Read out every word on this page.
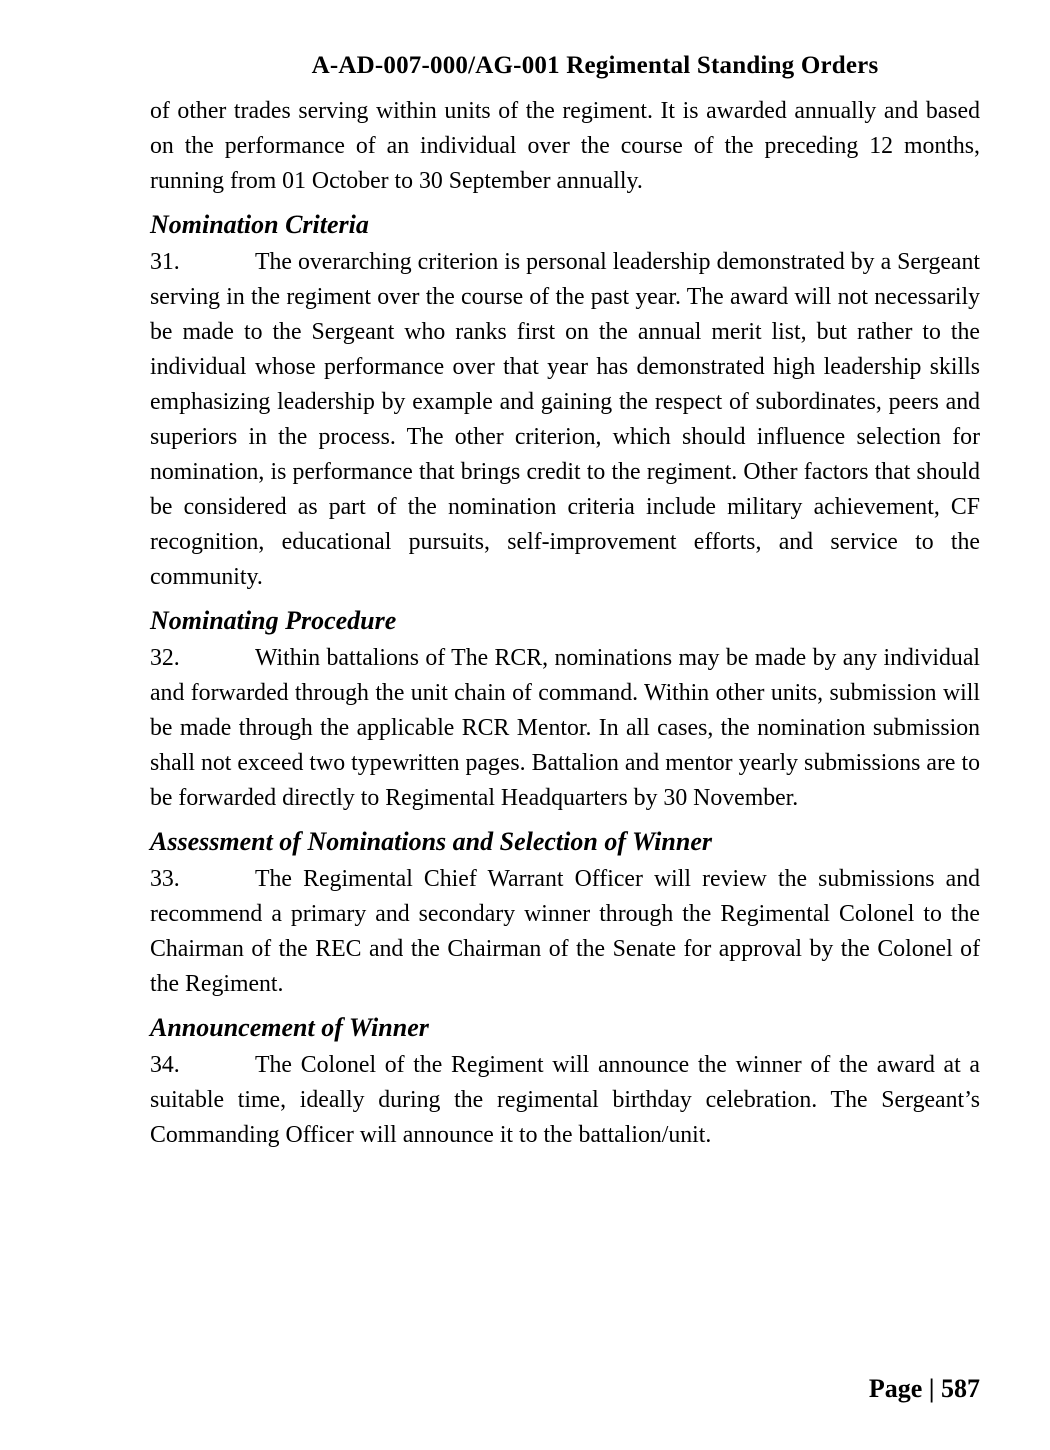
A-AD-007-000/AG-001 Regimental Standing Orders

of other trades serving within units of the regiment. It is awarded annually and based on the performance of an individual over the course of the preceding 12 months, running from 01 October to 30 September annually.

Nomination Criteria

31.	The overarching criterion is personal leadership demonstrated by a Sergeant serving in the regiment over the course of the past year. The award will not necessarily be made to the Sergeant who ranks first on the annual merit list, but rather to the individual whose performance over that year has demonstrated high leadership skills emphasizing leadership by example and gaining the respect of subordinates, peers and superiors in the process. The other criterion, which should influence selection for nomination, is performance that brings credit to the regiment. Other factors that should be considered as part of the nomination criteria include military achievement, CF recognition, educational pursuits, self-improvement efforts, and service to the community.

Nominating Procedure

32.	Within battalions of The RCR, nominations may be made by any individual and forwarded through the unit chain of command. Within other units, submission will be made through the applicable RCR Mentor. In all cases, the nomination submission shall not exceed two typewritten pages. Battalion and mentor yearly submissions are to be forwarded directly to Regimental Headquarters by 30 November.

Assessment of Nominations and Selection of Winner

33.	The Regimental Chief Warrant Officer will review the submissions and recommend a primary and secondary winner through the Regimental Colonel to the Chairman of the REC and the Chairman of the Senate for approval by the Colonel of the Regiment.

Announcement of Winner

34.	The Colonel of the Regiment will announce the winner of the award at a suitable time, ideally during the regimental birthday celebration. The Sergeant’s Commanding Officer will announce it to the battalion/unit.

Page | 587
